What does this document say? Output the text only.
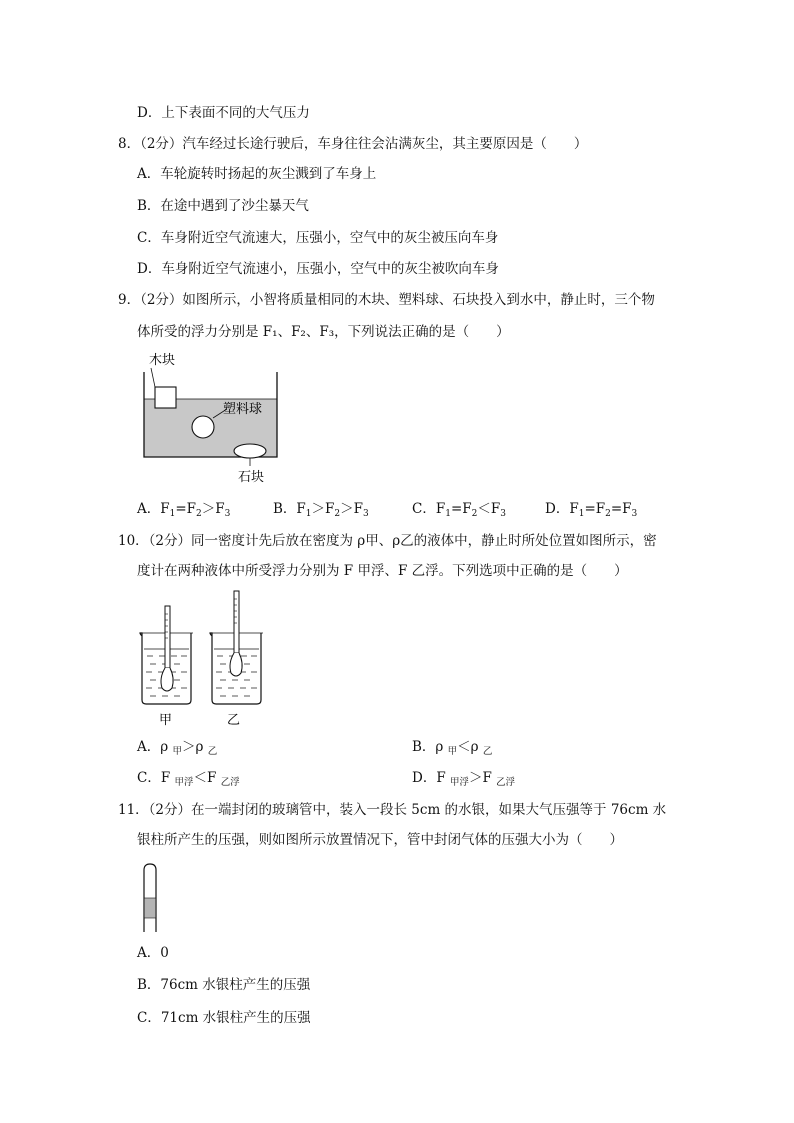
D．上下表面不同的大气压力
8．（2分）汽车经过长途行驶后，车身往往会沾满灰尘，其主要原因是（　　）
A．车轮旋转时扬起的灰尘溅到了车身上
B．在途中遇到了沙尘暴天气
C．车身附近空气流速大，压强小，空气中的灰尘被压向车身
D．车身附近空气流速小，压强小，空气中的灰尘被吹向车身
9．（2分）如图所示，小智将质量相同的木块、塑料球、石块投入到水中，静止时，三个物
体所受的浮力分别是 F₁、F₂、F₃，下列说法正确的是（　　）
木块
塑料球
石块
A．$F_1=F_2>F_3$	B．$F_1>F_2>F_3$	C．$F_1=F_2<F_3$	D．$F_1=F_2=F_3$
10．（2分）同一密度计先后放在密度为 ρ甲、ρ乙的液体中，静止时所处位置如图所示，密
度计在两种液体中所受浮力分别为 F 甲浮、F 乙浮。下列选项中正确的是（　　）
甲	乙
A．ρ $_甲$＞ρ $_乙$	B．ρ $_甲$＜ρ $_乙$
C．F $_{甲浮}$＜F $_{乙浮}$	D．F $_{甲浮}$＞F $_{乙浮}$
11．（2分）在一端封闭的玻璃管中，装入一段长 5cm 的水银，如果大气压强等于 76cm 水
银柱所产生的压强，则如图所示放置情况下，管中封闭气体的压强大小为（　　）
A．0
B．76cm 水银柱产生的压强
C．71cm 水银柱产生的压强
